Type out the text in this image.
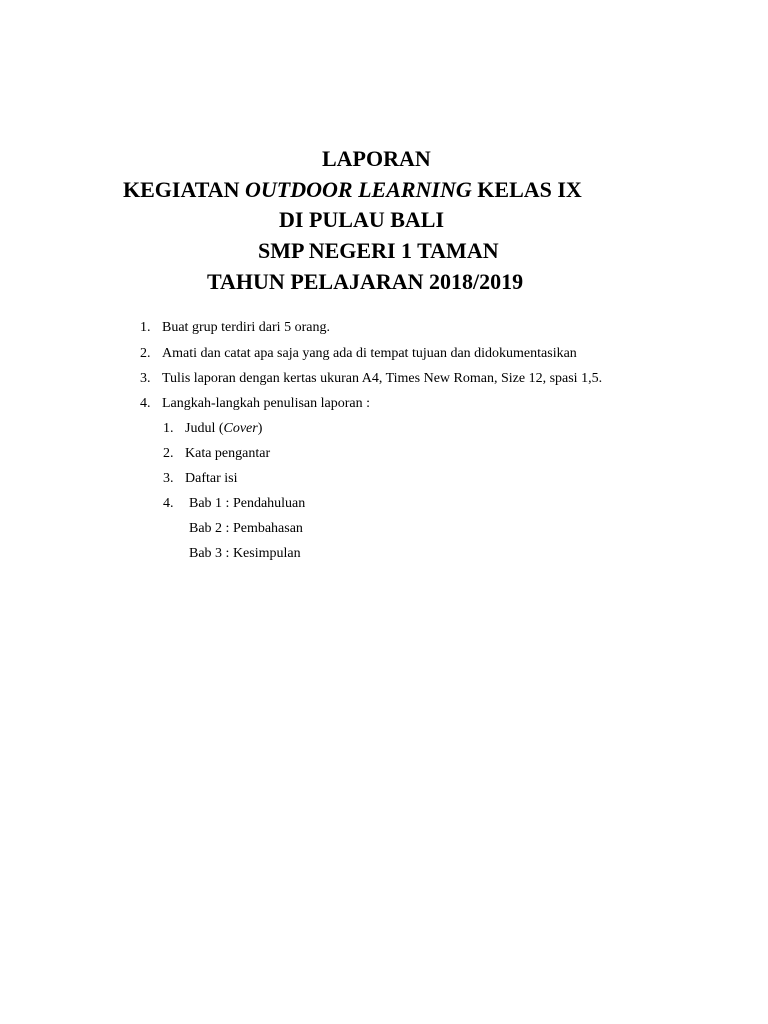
LAPORAN
KEGIATAN OUTDOOR LEARNING KELAS IX
DI PULAU BALI
SMP NEGERI 1 TAMAN
TAHUN PELAJARAN 2018/2019
1. Buat grup terdiri dari 5 orang.
2. Amati dan catat apa saja yang ada di tempat tujuan dan didokumentasikan
3. Tulis laporan dengan kertas ukuran A4, Times New Roman, Size 12, spasi 1,5.
4. Langkah-langkah penulisan laporan :
1. Judul (Cover)
2. Kata pengantar
3. Daftar isi
4. Bab 1 : Pendahuluan
Bab 2 : Pembahasan
Bab 3 : Kesimpulan
